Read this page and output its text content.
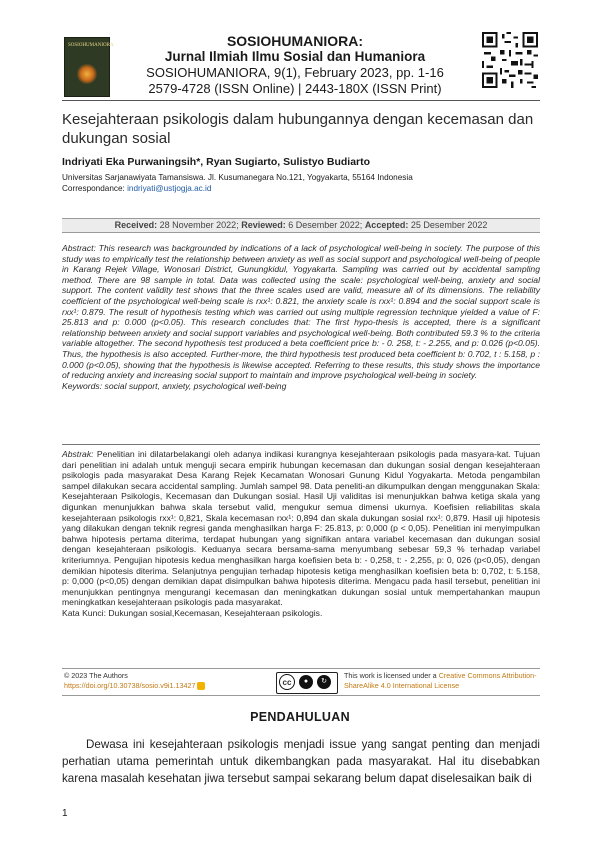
SOSIOHUMANIORA	SOSIOHUMANIORA:
Jurnal Ilmiah Ilmu Sosial dan Humaniora
SOSIOHUMANIORA, 9(1), February 2023, pp. 1-16
2579-4728 (ISSN Online) | 2443-180X (ISSN Print)
Kesejahteraan psikologis dalam hubungannya dengan kecemasan dan dukungan sosial
Indriyati Eka Purwaningsih*, Ryan Sugiarto, Sulistyo Budiarto
Universitas Sarjanawiyata Tamansiswa. Jl. Kusumanegara No.121, Yogyakarta, 55164 Indonesia
Correspondance: indriyati@ustjogja.ac.id
Received: 28 November 2022; Reviewed: 6 Desember 2022; Accepted: 25 Desember 2022
Abstract: This research was backgrounded by indications of a lack of psychological well-being in society. The purpose of this study was to empirically test the relationship between anxiety as well as social support and psychological well-being of people in Karang Rejek Village, Wonosari District, Gunungkidul, Yogyakarta. Sampling was carried out by accidental sampling method. There are 98 sample in total. Data was collected using the scale: psychological well-being, anxiety and social support. The content validity test shows that the three scales used are valid, measure all of its dimensions. The reliability coefficient of the psychological well-being scale is rxx¹: 0.821, the anxiety scale is rxx¹: 0.894 and the social support scale is rxx¹: 0.879. The result of hypothesis testing which was carried out using multiple regression technique yielded a value of F: 25.813 and p: 0.000 (p<0.05). This research concludes that: The first hypo-thesis is accepted, there is a significant relationship between anxiety and social support variables and psychological well-being. Both contributed 59.3 % to the criteria variable altogether. The second hypothesis test produced a beta coefficient price b: - 0. 258, t: - 2.255, and p: 0.026 (p<0.05). Thus, the hypothesis is also accepted. Further-more, the third hypothesis test produced beta coefficient b: 0.702, t : 5.158, p : 0.000 (p<0.05), showing that the hypothesis is likewise accepted. Referring to these results, this study shows the importance of reducing anxiety and increasing social support to maintain and improve psychological well-being in society.
Keywords: social support, anxiety, psychological well-being
Abstrak: Penelitian ini dilatarbelakangi oleh adanya indikasi kurangnya kesejahteraan psikologis pada masyara-kat. Tujuan dari penelitian ini adalah untuk menguji secara empirik hubungan kecemasan dan dukungan sosial dengan kesejahteraan psikologis pada masyarakat Desa Karang Rejek Kecamatan Wonosari Gunung Kidul Yogyakarta. Metoda pengambilan sampel dilakukan secara accidental sampling. Jumlah sampel 98. Data peneliti-an dikumpulkan dengan menggunakan Skala: Kesejahteraan Psikologis, Kecemasan dan Dukungan sosial. Hasil Uji validitas isi menunjukkan bahwa ketiga skala yang digunkan menunjukkan bahwa skala tersebut valid, mengukur semua dimensi ukurnya. Koefisien reliabilitas skala kesejahteraan psikologis rxx¹: 0,821, Skala kecemasan rxx¹: 0,894 dan skala dukungan sosial rxx¹: 0,879. Hasil uji hipotesis yang dilakukan dengan teknik regresi ganda menghasilkan harga F: 25.813, p: 0,000 (p < 0,05). Penelitian ini menyimpulkan bahwa hipotesis pertama diterima, terdapat hubungan yang signifikan antara variabel kecemasan dan dukungan sosial dengan kesejahteraan psikologis. Keduanya secara bersama-sama menyumbang sebesar 59,3 % terhadap variabel kriteriumnya. Pengujian hipotesis kedua menghasilkan harga koefisien beta b: - 0,258, t: - 2,255, p: 0, 026 (p<0,05), dengan demikian hipotesis diterima. Selanjutnya pengujian terhadap hipotesis ketiga menghasilkan koefisien beta b: 0,702, t: 5.158, p: 0,000 (p<0,05) dengan demikian dapat disimpulkan bahwa hipotesis diterima. Mengacu pada hasil tersebut, penelitian ini menunjukkan pentingnya mengurangi kecemasan dan meningkatkan dukungan sosial untuk mempertahankan maupun meningkatkan kesejahteraan psikologis pada masyarakat.
Kata Kunci: Dukungan sosial,Kecemasan, Kesejahteraan psikologis.
© 2023 The Authors
https://doi.org/10.30738/sosio.v9i1.13427	cc	●	↻
This work is licensed under a Creative Commons Attribution-ShareAlike 4.0 International License
PENDAHULUAN
Dewasa ini kesejahteraan psikologis menjadi issue yang sangat penting dan menjadi perhatian utama pemerintah untuk dikembangkan pada masyarakat. Hal itu disebabkan karena masalah kesehatan jiwa tersebut sampai sekarang belum dapat diselesaikan baik di
1
